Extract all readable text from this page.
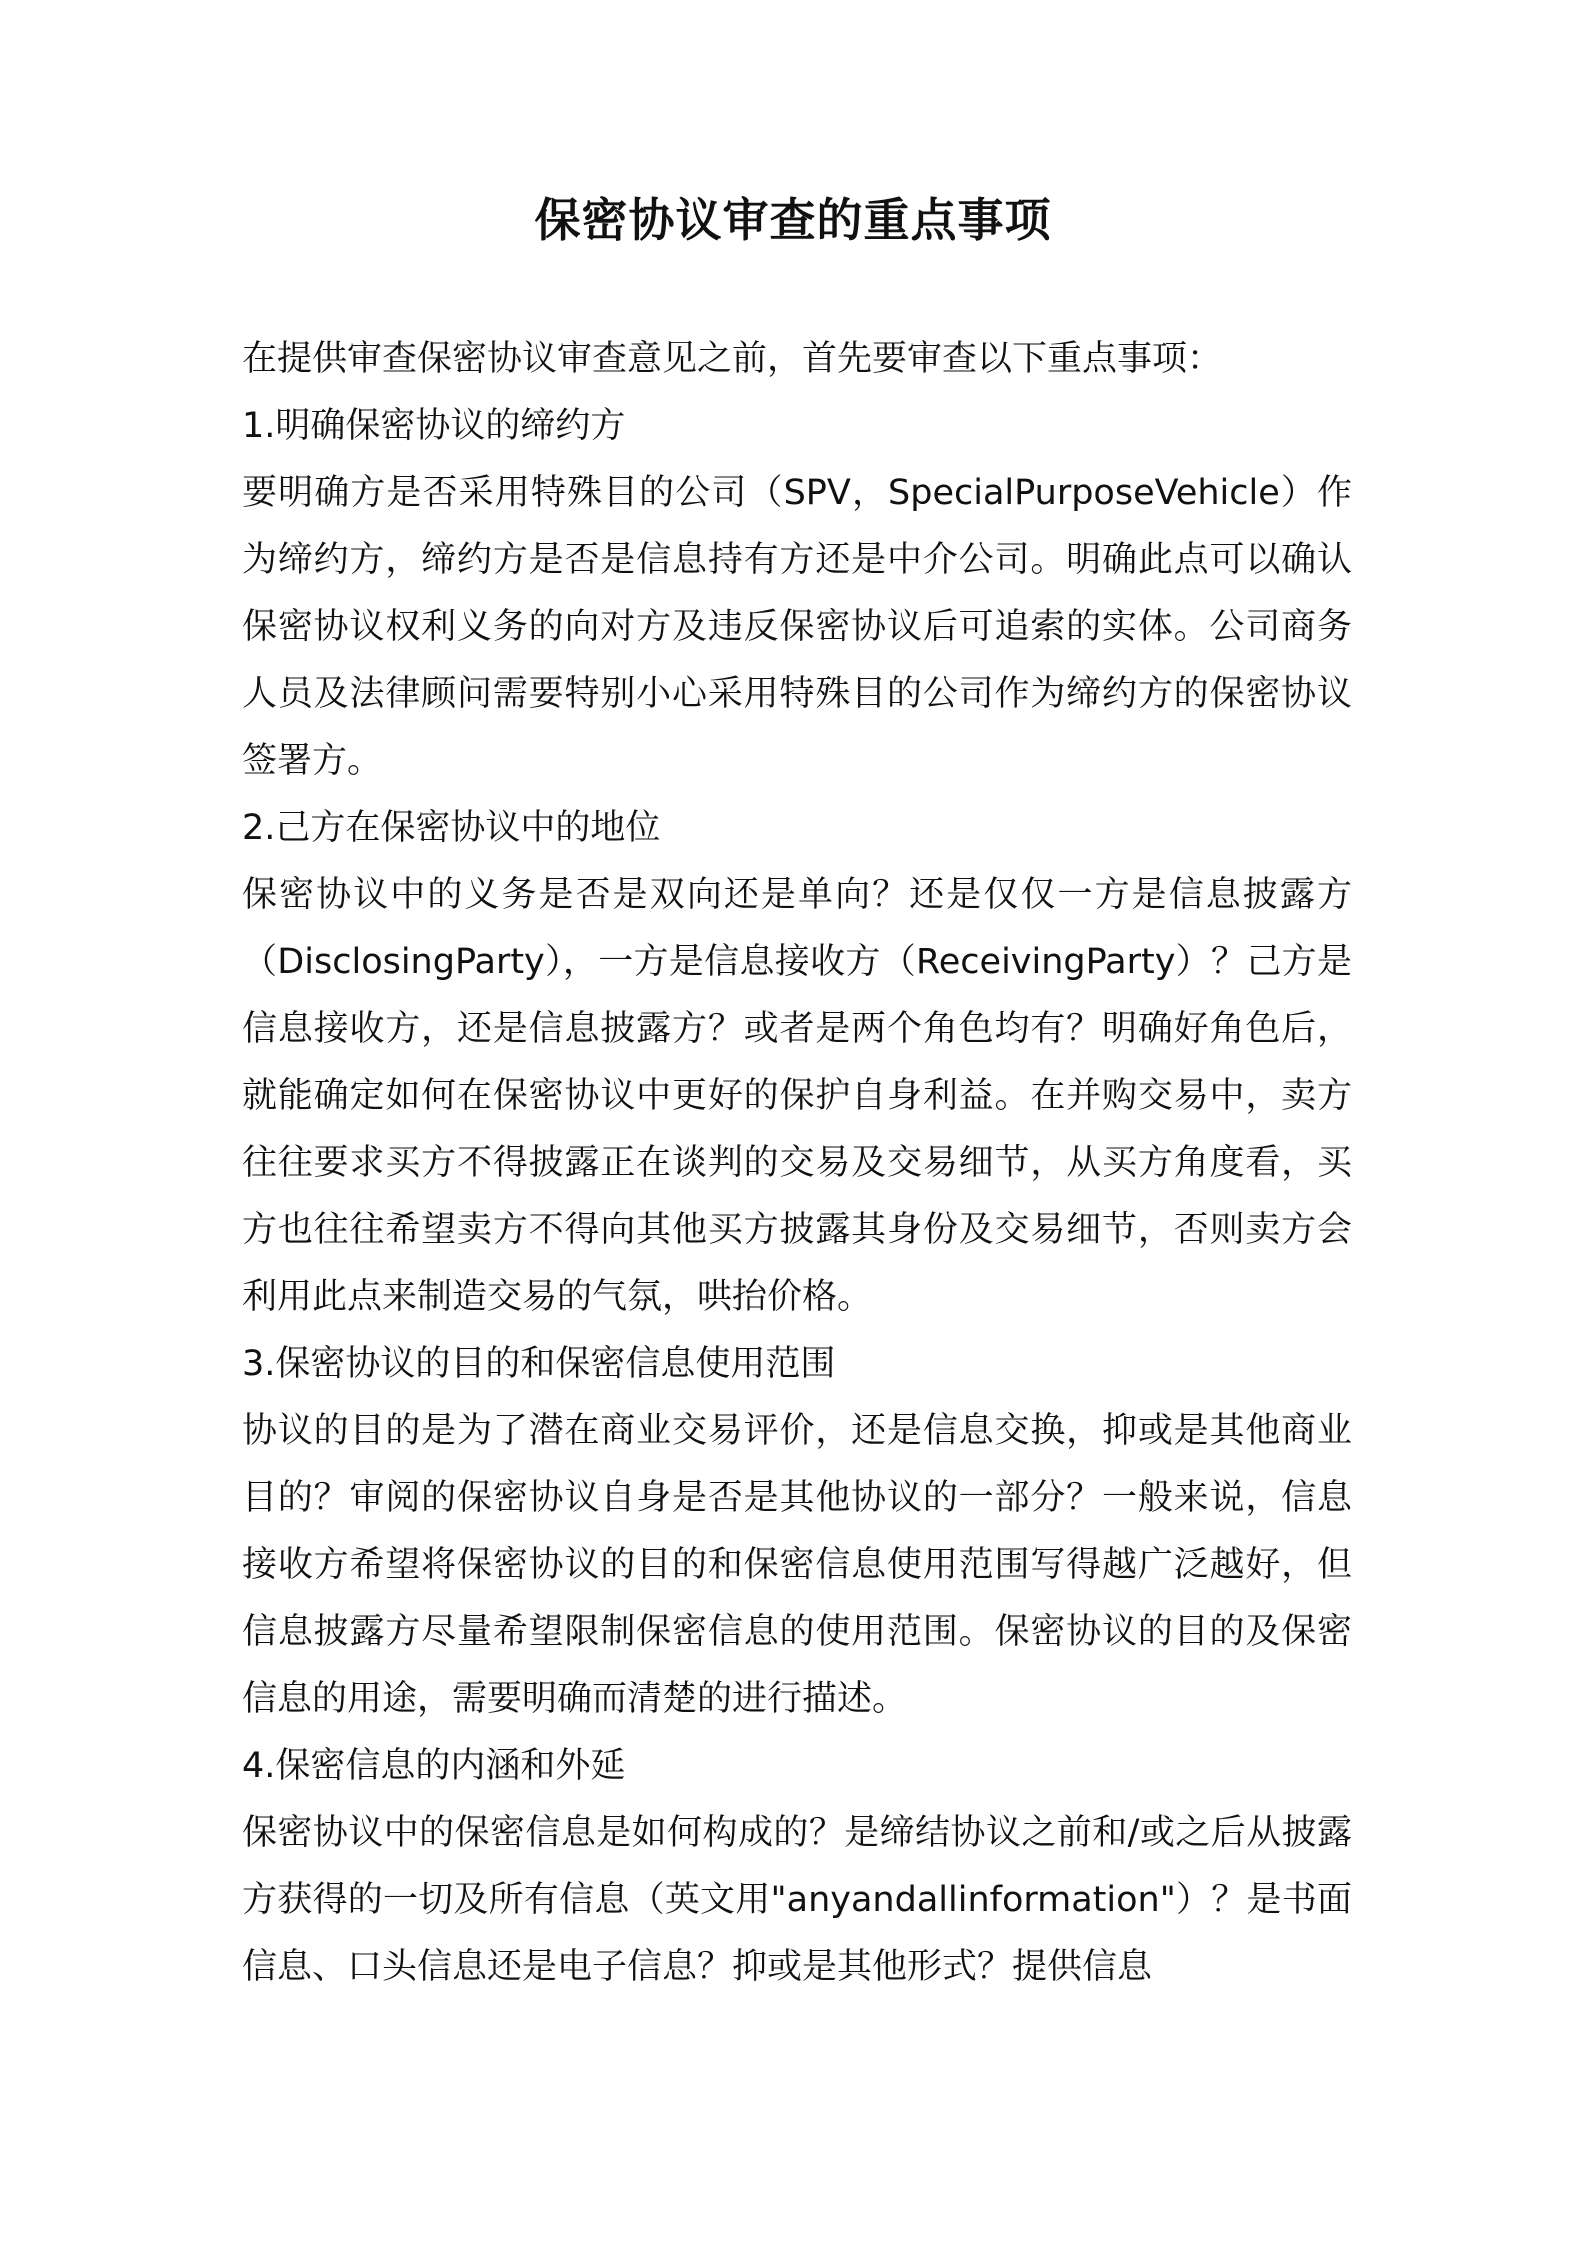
保密协议审查的重点事项

在提供审查保密协议审查意见之前，首先要审查以下重点事项：

1.明确保密协议的缔约方

要明确方是否采用特殊目的公司（SPV，SpecialPurposeVehicle）作为缔约方，缔约方是否是信息持有方还是中介公司。明确此点可以确认保密协议权利义务的向对方及违反保密协议后可追索的实体。公司商务人员及法律顾问需要特别小心采用特殊目的公司作为缔约方的保密协议签署方。

2.己方在保密协议中的地位

保密协议中的义务是否是双向还是单向？还是仅仅一方是信息披露方（DisclosingParty），一方是信息接收方（ReceivingParty）？己方是信息接收方，还是信息披露方？或者是两个角色均有？明确好角色后，就能确定如何在保密协议中更好的保护自身利益。在并购交易中，卖方往往要求买方不得披露正在谈判的交易及交易细节，从买方角度看，买方也往往希望卖方不得向其他买方披露其身份及交易细节，否则卖方会利用此点来制造交易的气氛，哄抬价格。

3.保密协议的目的和保密信息使用范围

协议的目的是为了潜在商业交易评价，还是信息交换，抑或是其他商业目的？审阅的保密协议自身是否是其他协议的一部分？一般来说，信息接收方希望将保密协议的目的和保密信息使用范围写得越广泛越好，但信息披露方尽量希望限制保密信息的使用范围。保密协议的目的及保密信息的用途，需要明确而清楚的进行描述。

4.保密信息的内涵和外延

保密协议中的保密信息是如何构成的？是缔结协议之前和/或之后从披露方获得的一切及所有信息（英文用"anyandallinformation"）？是书面信息、口头信息还是电子信息？抑或是其他形式？提供信息
